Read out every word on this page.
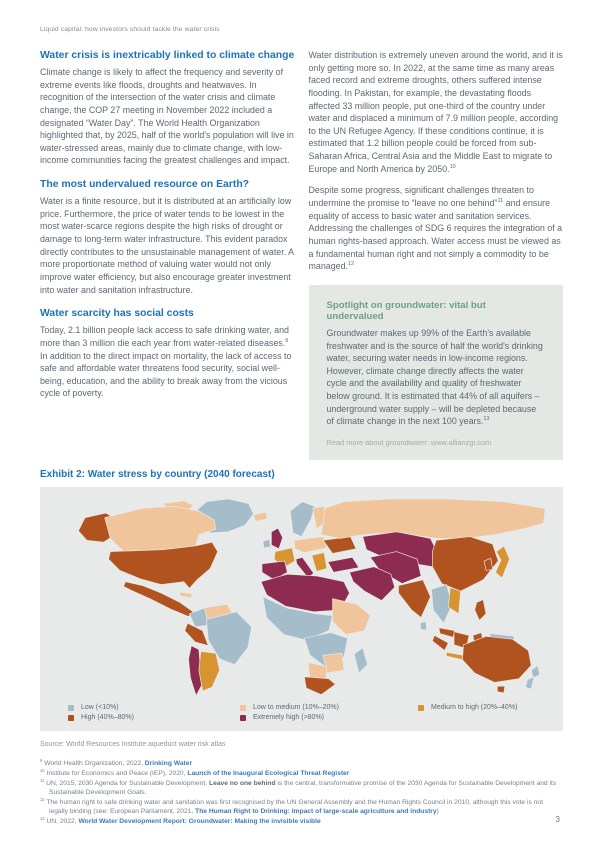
Liquid capital: how investors should tackle the water crisis
Water crisis is inextricably linked to climate change

Climate change is likely to affect the frequency and severity of extreme events like floods, droughts and heatwaves. In recognition of the intersection of the water crisis and climate change, the COP 27 meeting in November 2022 included a designated “Water Day”. The World Health Organization highlighted that, by 2025, half of the world's population will live in water-stressed areas, mainly due to climate change, with low-income communities facing the greatest challenges and impact.

The most undervalued resource on Earth?

Water is a finite resource, but it is distributed at an artificially low price. Furthermore, the price of water tends to be lowest in the most water-scarce regions despite the high risks of drought or damage to long-term water infrastructure. This evident paradox directly contributes to the unsustainable management of water. A more proportionate method of valuing water would not only improve water efficiency, but also encourage greater investment into water and sanitation infrastructure.

Water scarcity has social costs

Today, 2.1 billion people lack access to safe drinking water, and more than 3 million die each year from water-related diseases.$^9$ In addition to the direct impact on mortality, the lack of access to safe and affordable water threatens food security, social well-being, education, and the ability to break away from the vicious cycle of poverty.

Water distribution is extremely uneven around the world, and it is only getting more so. In 2022, at the same time as many areas faced record and extreme droughts, others suffered intense flooding. In Pakistan, for example, the devastating floods affected 33 million people, put one-third of the country under water and displaced a minimum of 7.9 million people, according to the UN Refugee Agency. If these conditions continue, it is estimated that 1.2 billion people could be forced from sub-Saharan Africa, Central Asia and the Middle East to migrate to Europe and North America by 2050.10

Despite some progress, significant challenges threaten to undermine the promise to “leave no one behind”$^{11}$ and ensure equality of access to basic water and sanitation services. Addressing the challenges of SDG 6 requires the integration of a human rights-based approach. Water access must be viewed as a fundamental human right and not simply a commodity to be managed.$^{12}$

Spotlight on groundwater: vital but undervalued

Groundwater makes up 99% of the Earth's available freshwater and is the source of half the world's drinking water, securing water needs in low-income regions. However, climate change directly affects the water cycle and the availability and quality of freshwater below ground. It is estimated that 44% of all aquifers – underground water supply – will be depleted because of climate change in the next 100 years.$^{13}$

Read more about groundwater: www.allianzgi.com
Exhibit 2: Water stress by country (2040 forecast)
Low (<10%)	Low to medium (10%–20%)	Medium to high (20%–40%)
High (40%–80%)	Extremely high (>80%)
Source: World Resources Institute aqueduct water risk atlas
$^9$ World Health Organization, 2022, Drinking Water
$^{10}$ Institute for Economics and Peace (IEP), 2020, Launch of the Inaugural Ecological Threat Register
$^{11}$ UN, 2015, 2030 Agenda for Sustainable Development, Leave no one behind is the central, transformative promise of the 2030 Agenda for Sustainable Development and its Sustainable Development Goals.
$^{12}$ The human right to safe drinking water and sanitation was first recognised by the UN General Assembly and the Human Rights Council in 2010, although this vote is not legally binding (see: European Parliament, 2021, The Human Right to Drinking: Impact of large-scale agriculture and industry)
$^{13}$ UN, 2022, World Water Development Report: Groundwater: Making the invisible visible	3
